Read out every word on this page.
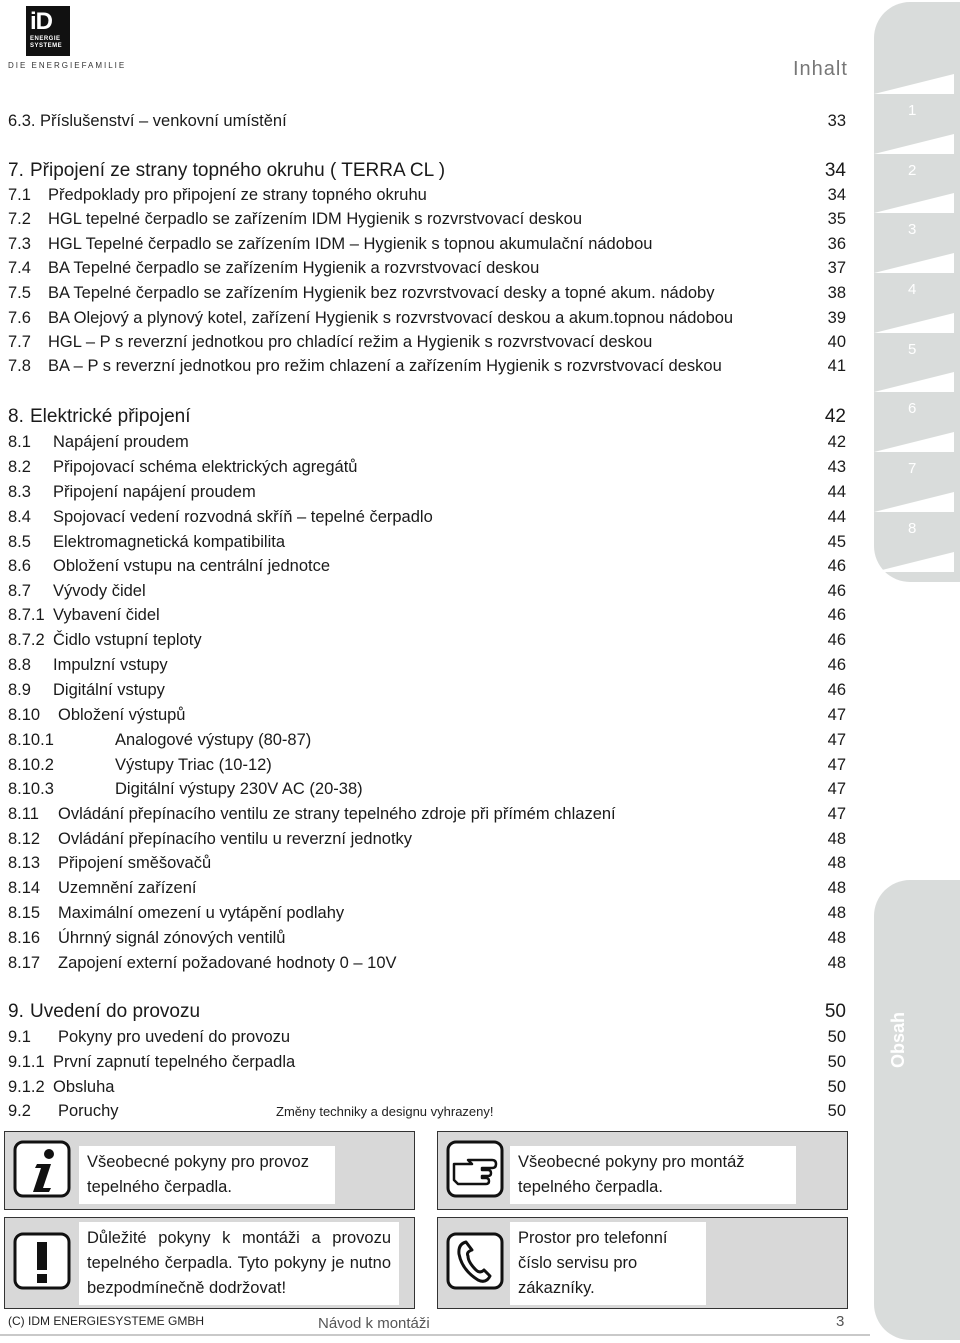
iD
ENERGIE SYSTEME
DIE ENERGIEFAMILIE	Inhalt
6.3. Příslušenství – venkovní umístění	33
7. Připojení ze strany topného okruhu ( TERRA CL )	34
7.1 Předpoklady pro připojení ze strany topného okruhu	34
7.2 HGL tepelné čerpadlo se zařízením IDM Hygienik s rozvrstvovací deskou	35
7.3 HGL Tepelné čerpadlo se zařízením IDM – Hygienik s topnou akumulační nádobou	36
7.4 BA Tepelné čerpadlo se zařízením Hygienik a rozvrstvovací deskou	37
7.5 BA Tepelné čerpadlo se zařízením Hygienik bez rozvrstvovací desky a topné akum. nádoby	38
7.6 BA Olejový a plynový kotel, zařízení Hygienik s rozvrstvovací deskou a akum.topnou nádobou	39
7.7 HGL – P s reverzní jednotkou pro chladící režim a Hygienik s rozvrstvovací deskou	40
7.8 BA – P s reverzní jednotkou pro režim chlazení a zařízením Hygienik s rozvrstvovací deskou	41
8. Elektrické připojení	42
8.1 Napájení proudem	42
8.2 Připojovací schéma elektrických agregátů	43
8.3 Připojení napájení proudem	44
8.4 Spojovací vedení rozvodná skříň – tepelné čerpadlo	44
8.5 Elektromagnetická kompatibilita	45
8.6 Obložení vstupu na centrální jednotce	46
8.7 Vývody čidel	46
8.7.1 Vybavení čidel	46
8.7.2 Čidlo vstupní teploty	46
8.8 Impulzní vstupy	46
8.9 Digitální vstupy	46
8.10 Obložení výstupů	47
8.10.1	Analogové výstupy (80-87)	47
8.10.2	Výstupy Triac (10-12)	47
8.10.3	Digitální výstupy 230V AC (20-38)	47
8.11 Ovládání přepínacího ventilu ze strany tepelného zdroje při přímém chlazení	47
8.12 Ovládání přepínacího ventilu u reverzní jednotky	48
8.13 Připojení směšovačů	48
8.14 Uzemnění zařízení	48
8.15 Maximální omezení u vytápění podlahy	48
8.16 Úhrnný signál zónových ventilů	48
8.17 Zapojení externí požadované hodnoty 0 – 10V	48
9. Uvedení do provozu	50
9.1 Pokyny pro uvedení do provozu	50
9.1.1 První zapnutí tepelného čerpadla	50
9.1.2 Obsluha	50
9.2 Poruchy	50
Změny techniky a designu vyhrazeny!
1
2
3
4
5
6
7
8
9
Obsah
Všeobecné pokyny pro provoz tepelného čerpadla.
Všeobecné pokyny pro montáž tepelného čerpadla.
Důležité pokyny k montáži a provozu tepelného čerpadla. Tyto pokyny je nutno bezpodmínečně dodržovat!
Prostor pro telefonní číslo servisu pro zákazníky.
(C) IDM ENERGIESYSTEME GMBH	Návod k montáži	3
